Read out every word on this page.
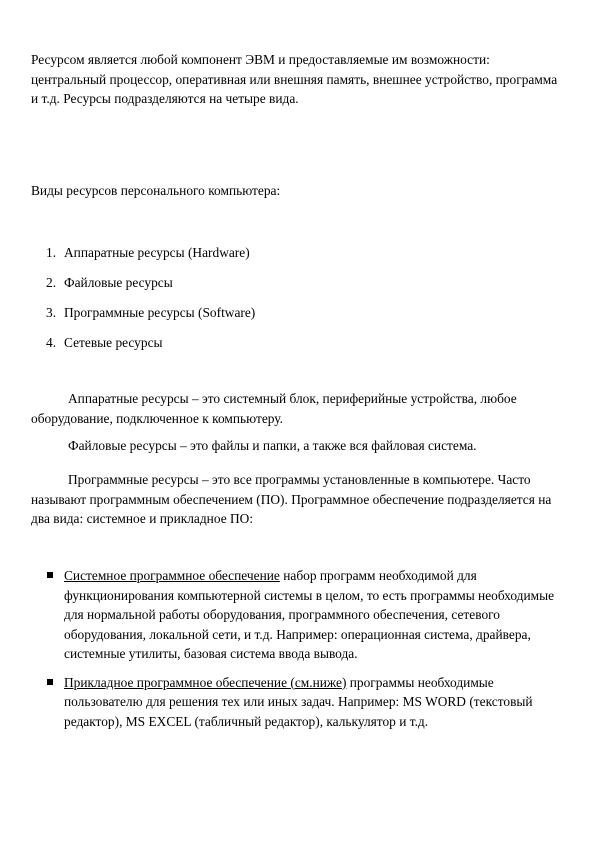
Ресурсом является любой компонент ЭВМ и предоставляемые им возможности:
центральный процессор, оперативная или внешняя память, внешнее устройство, программа
и т.д. Ресурсы подразделяются на четыре вида.
Виды ресурсов персонального компьютера:
1. Аппаратные ресурсы (Hardware)
2. Файловые ресурсы
3. Программные ресурсы (Software)
4. Сетевые ресурсы
Аппаратные ресурсы – это системный блок, периферийные устройства, любое
оборудование, подключенное к компьютеру.
Файловые ресурсы – это файлы и папки, а также вся файловая система.
Программные ресурсы – это все программы установленные в компьютере. Часто
называют программным обеспечением (ПО). Программное обеспечение подразделяется на
два вида: системное и прикладное ПО:
Системное программное обеспечение набор программ необходимой для
функционирования компьютерной системы в целом, то есть программы необходимые
для нормальной работы оборудования, программного обеспечения, сетевого
оборудования, локальной сети, и т.д. Например: операционная система, драйвера,
системные утилиты, базовая система ввода вывода.
Прикладное программное обеспечение (см.ниже) программы необходимые
пользователю для решения тех или иных задач. Например: MS WORD (текстовый
редактор), MS EXCEL (табличный редактор), калькулятор и т.д.
